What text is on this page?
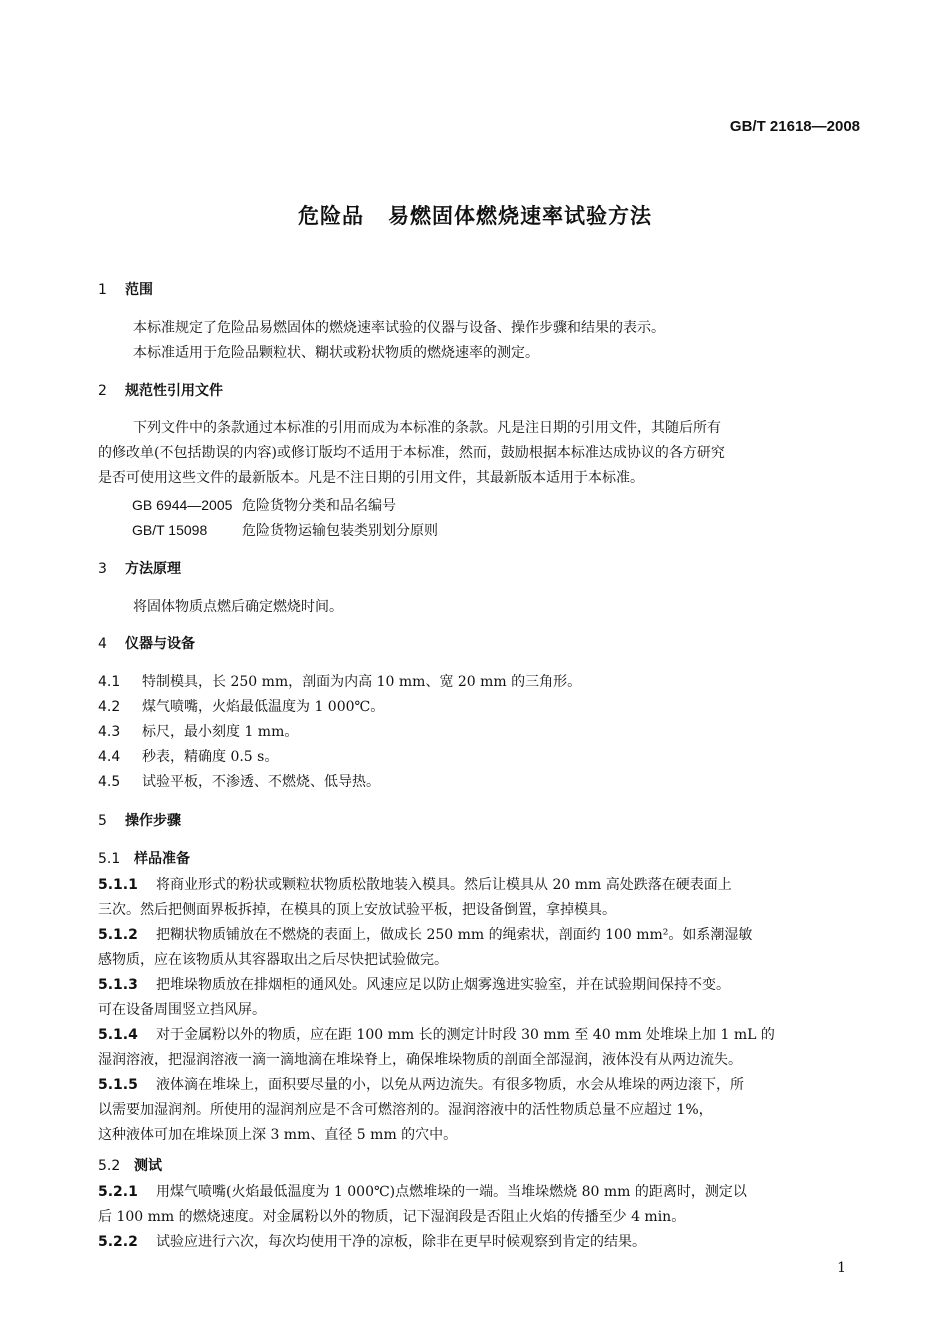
GB/T 21618—2008
危险品 易燃固体燃烧速率试验方法
1 范围
本标准规定了危险品易燃固体的燃烧速率试验的仪器与设备、操作步骤和结果的表示。
本标准适用于危险品颗粒状、糊状或粉状物质的燃烧速率的测定。
2 规范性引用文件
下列文件中的条款通过本标准的引用而成为本标准的条款。凡是注日期的引用文件，其随后所有
的修改单(不包括勘误的内容)或修订版均不适用于本标准，然而，鼓励根据本标准达成协议的各方研究
是否可使用这些文件的最新版本。凡是不注日期的引用文件，其最新版本适用于本标准。
GB 6944—2005 危险货物分类和品名编号
GB/T 15098 危险货物运输包装类别划分原则
3 方法原理
将固体物质点燃后确定燃烧时间。
4 仪器与设备
4.1 特制模具，长 250 mm，剖面为内高 10 mm、宽 20 mm 的三角形。
4.2 煤气喷嘴，火焰最低温度为 1 000℃。
4.3 标尺，最小刻度 1 mm。
4.4 秒表，精确度 0.5 s。
4.5 试验平板，不渗透、不燃烧、低导热。
5 操作步骤
5.1 样品准备
5.1.1 将商业形式的粉状或颗粒状物质松散地装入模具。然后让模具从 20 mm 高处跌落在硬表面上
三次。然后把侧面界板拆掉，在模具的顶上安放试验平板，把设备倒置，拿掉模具。
5.1.2 把糊状物质铺放在不燃烧的表面上，做成长 250 mm 的绳索状，剖面约 100 mm²。如系潮湿敏
感物质，应在该物质从其容器取出之后尽快把试验做完。
5.1.3 把堆垛物质放在排烟柜的通风处。风速应足以防止烟雾逸进实验室，并在试验期间保持不变。
可在设备周围竖立挡风屏。
5.1.4 对于金属粉以外的物质，应在距 100 mm 长的测定计时段 30 mm 至 40 mm 处堆垛上加 1 mL 的
湿润溶液，把湿润溶液一滴一滴地滴在堆垛脊上，确保堆垛物质的剖面全部湿润，液体没有从两边流失。
5.1.5 液体滴在堆垛上，面积要尽量的小，以免从两边流失。有很多物质，水会从堆垛的两边滚下，所
以需要加湿润剂。所使用的湿润剂应是不含可燃溶剂的。湿润溶液中的活性物质总量不应超过 1%，
这种液体可加在堆垛顶上深 3 mm、直径 5 mm 的穴中。
5.2 测试
5.2.1 用煤气喷嘴(火焰最低温度为 1 000℃)点燃堆垛的一端。当堆垛燃烧 80 mm 的距离时，测定以
后 100 mm 的燃烧速度。对金属粉以外的物质，记下湿润段是否阻止火焰的传播至少 4 min。
5.2.2 试验应进行六次，每次均使用干净的凉板，除非在更早时候观察到肯定的结果。
1
